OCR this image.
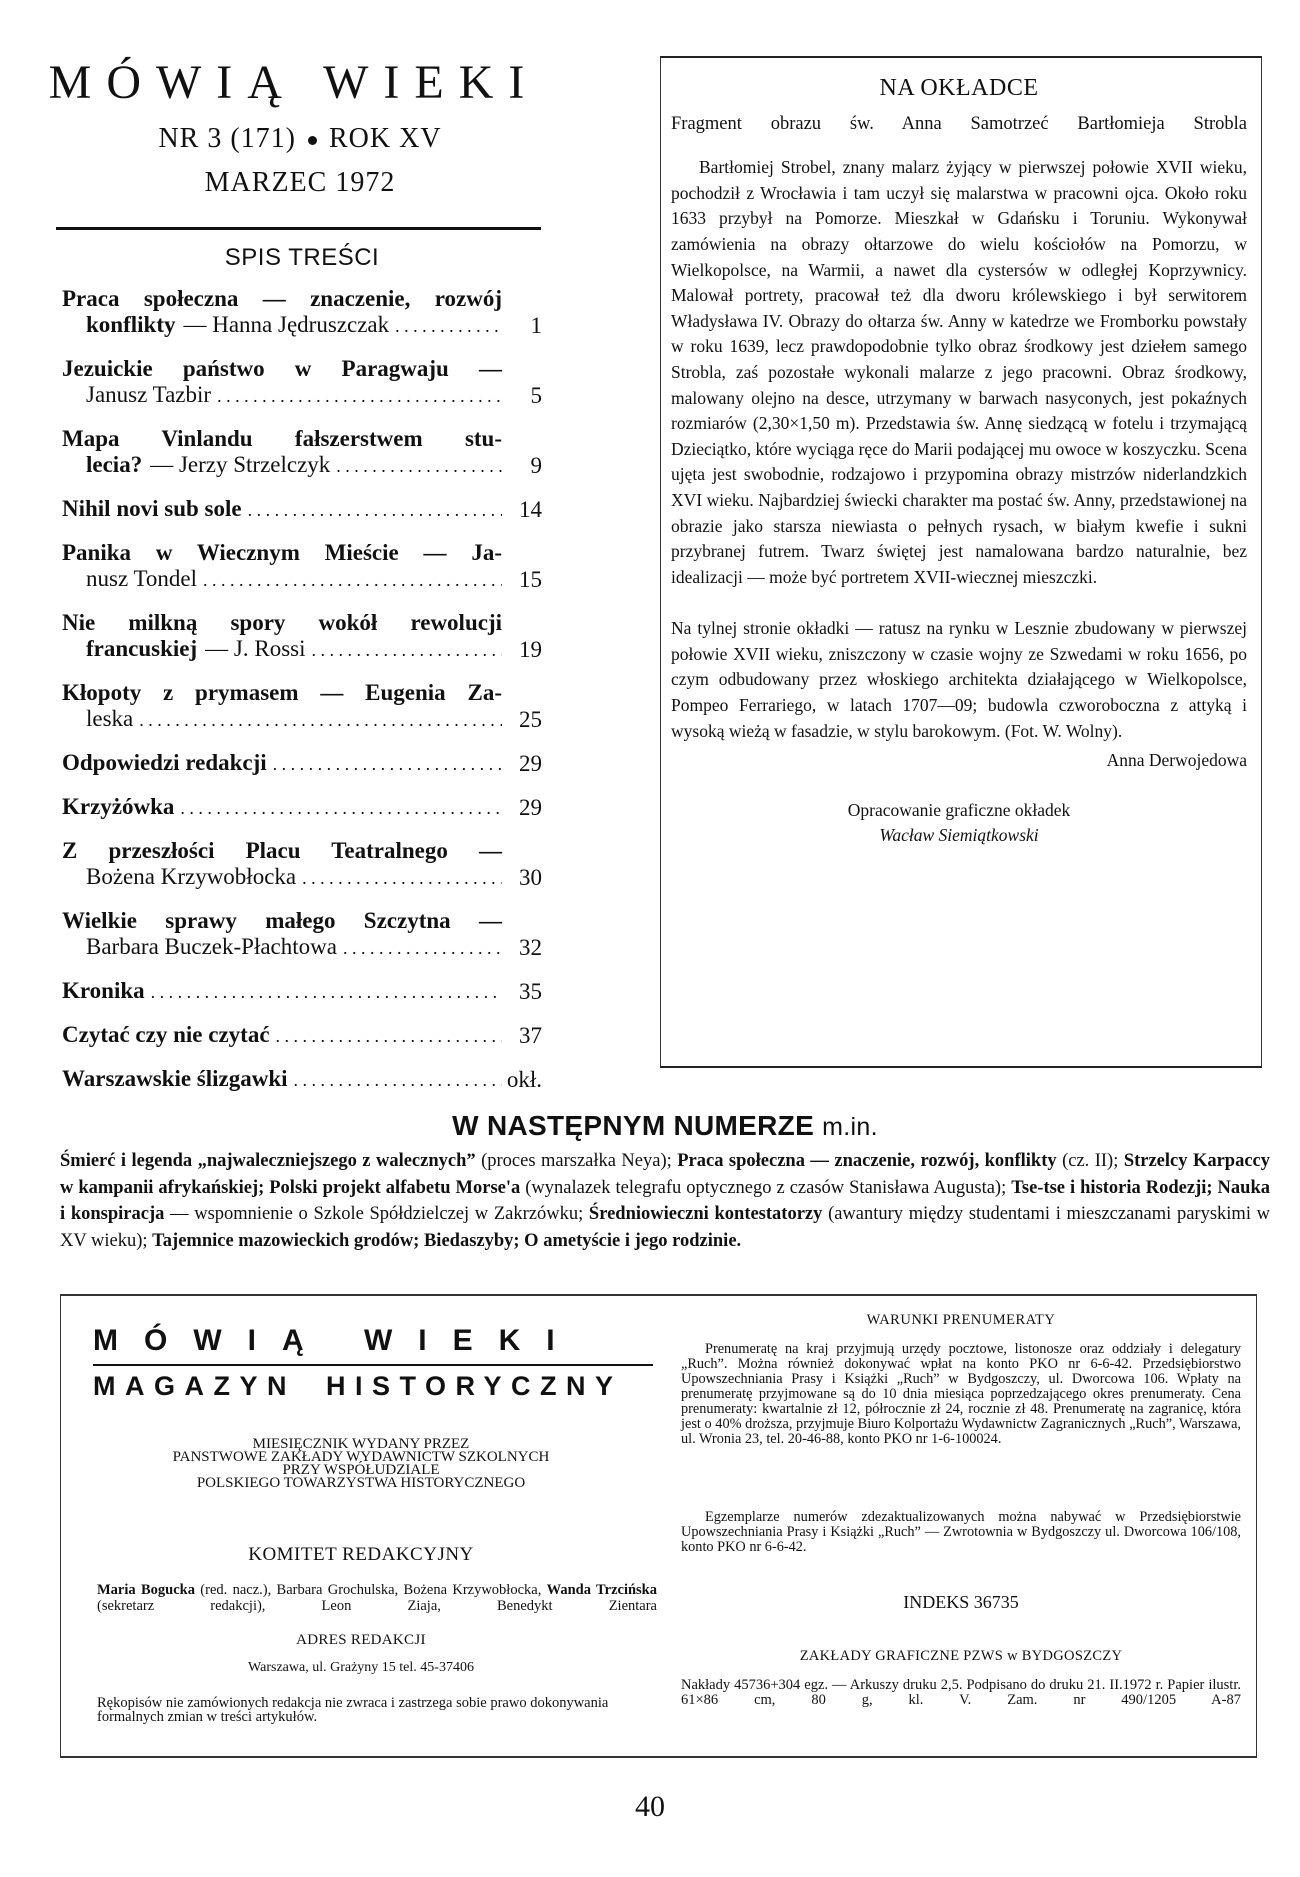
MÓWIĄ WIEKI
NR 3 (171) ROK XV
MARZEC 1972
SPIS TREŚCI
Praca społeczna — znaczenie, rozwój
konflikty — Hanna Jędruszczak . . .	1
Jezuickie państwo w Paragwaju —
Janusz Tazbir . . .	5
Mapa Vinlandu fałszerstwem stu-
lecia? — Jerzy Strzelczyk . . .	9
Nihil novi sub sole . . .	14
Panika w Wiecznym Mieście — Ja-
nusz Tondel . . .	15
Nie milkną spory wokół rewolucji
francuskiej — J. Rossi . . .	19
Kłopoty z prymasem — Eugenia Za-
leska . . .	25
Odpowiedzi redakcji . . .	29
Krzyżówka . . .	29
Z przeszłości Placu Teatralnego —
Bożena Krzywobłocka . . .	30
Wielkie sprawy małego Szczytna —
Barbara Buczek-Płachtowa . . .	32
Kronika . . .	35
Czytać czy nie czytać . . .	37
Warszawskie ślizgawki . . .	okł.
NA OKŁADCE
Fragment obrazu św. Anna Samotrzeć Bartłomieja Strobla
Bartłomiej Strobel, znany malarz żyjący w pierwszej połowie XVII wieku, pochodził z Wrocławia i tam uczył się malarstwa w pracowni ojca. Około roku 1633 przybył na Pomorze. Mieszkał w Gdańsku i Toruniu. Wykonywał zamówienia na obrazy ołtarzowe do wielu kościołów na Pomorzu, w Wielkopolsce, na Warmii, a nawet dla cystersów w odległej Koprzywnicy. Malował portrety, pracował też dla dworu królewskiego i był serwitorem Władysława IV. Obrazy do ołtarza św. Anny w katedrze we Fromborku powstały w roku 1639, lecz prawdopodobnie tylko obraz środkowy jest dziełem samego Strobla, zaś pozostałe wykonali malarze z jego pracowni. Obraz środkowy, malowany olejno na desce, utrzymany w barwach nasyconych, jest pokaźnych rozmiarów (2,30×1,50 m). Przedstawia św. Annę siedzącą w fotelu i trzymającą Dzieciątko, które wyciąga ręce do Marii podającej mu owoce w koszyczku. Scena ujęta jest swobodnie, rodzajowo i przypomina obrazy mistrzów niderlandzkich XVI wieku. Najbardziej świecki charakter ma postać św. Anny, przedstawionej na obrazie jako starsza niewiasta o pełnych rysach, w białym kwefie i sukni przybranej futrem. Twarz świętej jest namalowana bardzo naturalnie, bez idealizacji — może być portretem XVII-wiecznej mieszczki.
Na tylnej stronie okładki — ratusz na rynku w Lesznie zbudowany w pierwszej połowie XVII wieku, zniszczony w czasie wojny ze Szwedami w roku 1656, po czym odbudowany przez włoskiego architekta działającego w Wielkopolsce, Pompeo Ferrariego, w latach 1707—09; budowla czworoboczna z attyką i wysoką wieżą w fasadzie, w stylu barokowym. (Fot. W. Wolny).
Anna Derwojedowa
Opracowanie graficzne okładek
Wacław Siemiątkowski
W NASTĘPNYM NUMERZE m.in.
Śmierć i legenda „najwaleczniejszego z walecznych” (proces marszałka Neya); Praca społeczna — znaczenie, rozwój, konflikty (cz. II); Strzelcy Karpaccy w kampanii afrykańskiej; Polski projekt alfabetu Morse'a (wynalazek telegrafu optycznego z czasów Stanisława Augusta); Tse-tse i historia Rodezji; Nauka i konspiracja — wspomnienie o Szkole Spółdzielczej w Zakrzówku; Średniowieczni kontestatorzy (awantury między studentami i mieszczanami paryskimi w XV wieku); Tajemnice mazowieckich grodów; Biedaszyby; O ametyście i jego rodzinie.
MÓWIĄ WIEKI
MAGAZYN HISTORYCZNY
MIESIĘCZNIK WYDANY PRZEZ
PANSTWOWE ZAKŁADY WYDAWNICTW SZKOLNYCH
PRZY WSPÓŁUDZIALE
POLSKIEGO TOWARZYSTWA HISTORYCZNEGO
KOMITET REDAKCYJNY
Maria Bogucka (red. nacz.), Barbara Grochulska, Bożena Krzywobłocka, Wanda Trzcińska (sekretarz redakcji), Leon Ziaja, Benedykt Zientara
ADRES REDAKCJI
Warszawa, ul. Grażyny 15 tel. 45-37406
Rękopisów nie zamówionych redakcja nie zwraca i zastrzega sobie prawo dokonywania formalnych zmian w treści artykułów.
WARUNKI PRENUMERATY
Prenumeratę na kraj przyjmują urzędy pocztowe, listonosze oraz oddziały i delegatury „Ruch”. Można również dokonywać wpłat na konto PKO nr 6-6-42. Przedsiębiorstwo Upowszechniania Prasy i Książki „Ruch” w Bydgoszczy, ul. Dworcowa 106. Wpłaty na prenumeratę przyjmowane są do 10 dnia miesiąca poprzedzającego okres prenumeraty. Cena prenumeraty: kwartalnie zł 12, półrocznie zł 24, rocznie zł 48. Prenumeratę na zagranicę, która jest o 40% droższa, przyjmuje Biuro Kolportażu Wydawnictw Zagranicznych „Ruch”, Warszawa, ul. Wronia 23, tel. 20-46-88, konto PKO nr 1-6-100024.
Egzemplarze numerów zdezaktualizowanych można nabywać w Przedsiębiorstwie Upowszechniania Prasy i Książki „Ruch” — Zwrotownia w Bydgoszczy ul. Dworcowa 106/108, konto PKO nr 6-6-42.
INDEKS 36735
ZAKŁADY GRAFICZNE PZWS w BYDGOSZCZY
Nakłady 45736+304 egz. — Arkuszy druku 2,5. Podpisano do druku 21. II.1972 r. Papier ilustr. 61×86 cm, 80 g, kl. V. Zam. nr 490/1205 A-87
40
